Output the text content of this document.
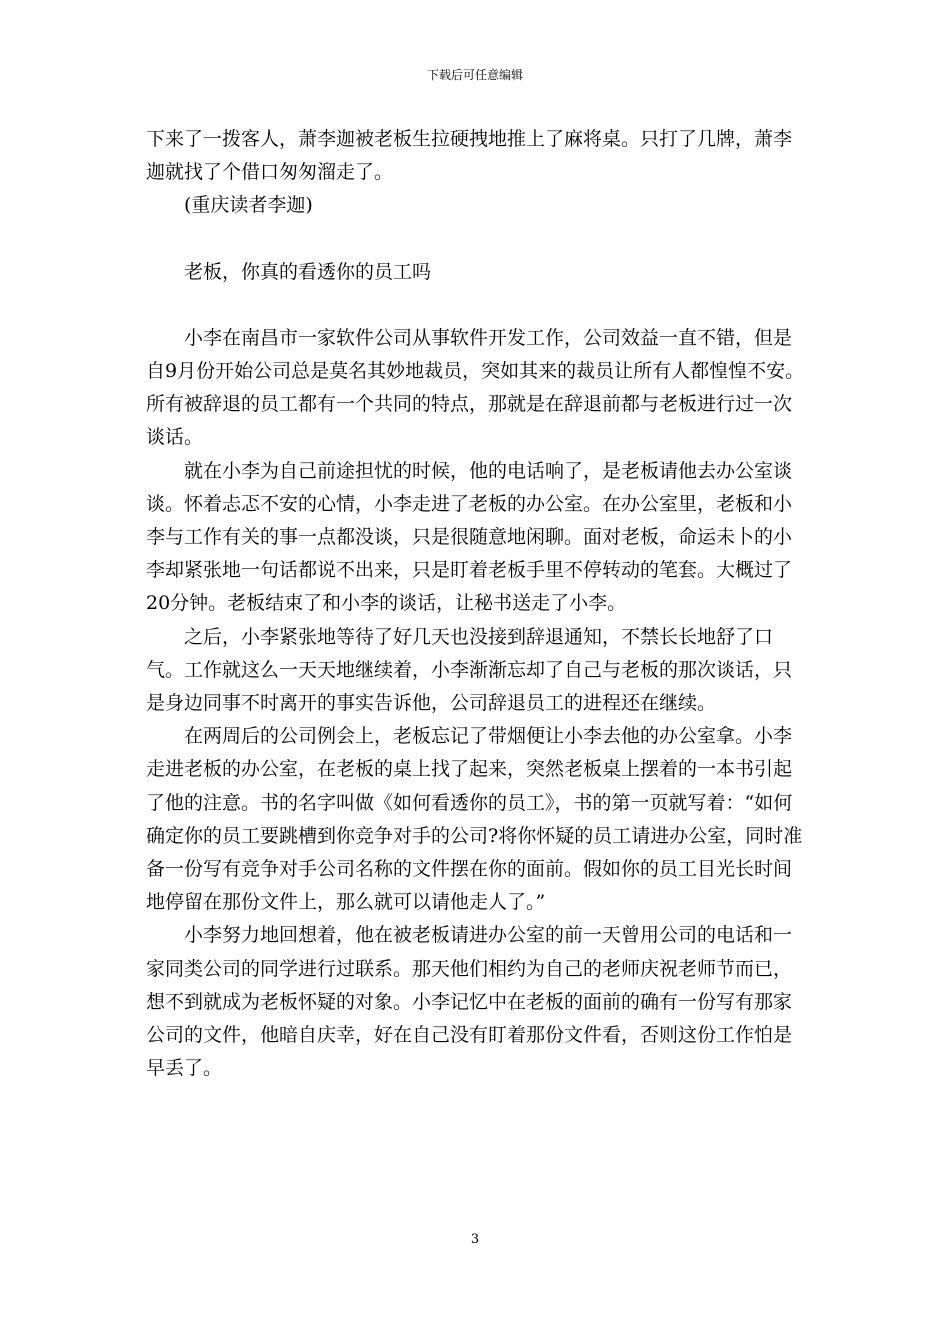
下载后可任意编辑

下来了一拨客人，萧李迦被老板生拉硬拽地推上了麻将桌。只打了几牌，萧李迦就找了个借口匆匆溜走了。

(重庆读者李迦)

老板，你真的看透你的员工吗

小李在南昌市一家软件公司从事软件开发工作，公司效益一直不错，但是自9月份开始公司总是莫名其妙地裁员，突如其来的裁员让所有人都惶惶不安。所有被辞退的员工都有一个共同的特点，那就是在辞退前都与老板进行过一次谈话。

就在小李为自己前途担忧的时候，他的电话响了，是老板请他去办公室谈谈。怀着忐忑不安的心情，小李走进了老板的办公室。在办公室里，老板和小李与工作有关的事一点都没谈，只是很随意地闲聊。面对老板，命运未卜的小李却紧张地一句话都说不出来，只是盯着老板手里不停转动的笔套。大概过了20分钟。老板结束了和小李的谈话，让秘书送走了小李。

之后，小李紧张地等待了好几天也没接到辞退通知，不禁长长地舒了口气。工作就这么一天天地继续着，小李渐渐忘却了自己与老板的那次谈话，只是身边同事不时离开的事实告诉他，公司辞退员工的进程还在继续。

在两周后的公司例会上，老板忘记了带烟便让小李去他的办公室拿。小李走进老板的办公室，在老板的桌上找了起来，突然老板桌上摆着的一本书引起了他的注意。书的名字叫做《如何看透你的员工》，书的第一页就写着：“如何确定你的员工要跳槽到你竞争对手的公司?将你怀疑的员工请进办公室，同时准备一份写有竞争对手公司名称的文件摆在你的面前。假如你的员工目光长时间地停留在那份文件上，那么就可以请他走人了。”

小李努力地回想着，他在被老板请进办公室的前一天曾用公司的电话和一家同类公司的同学进行过联系。那天他们相约为自己的老师庆祝老师节而已，想不到就成为老板怀疑的对象。小李记忆中在老板的面前的确有一份写有那家公司的文件，他暗自庆幸，好在自己没有盯着那份文件看，否则这份工作怕是早丢了。

3
